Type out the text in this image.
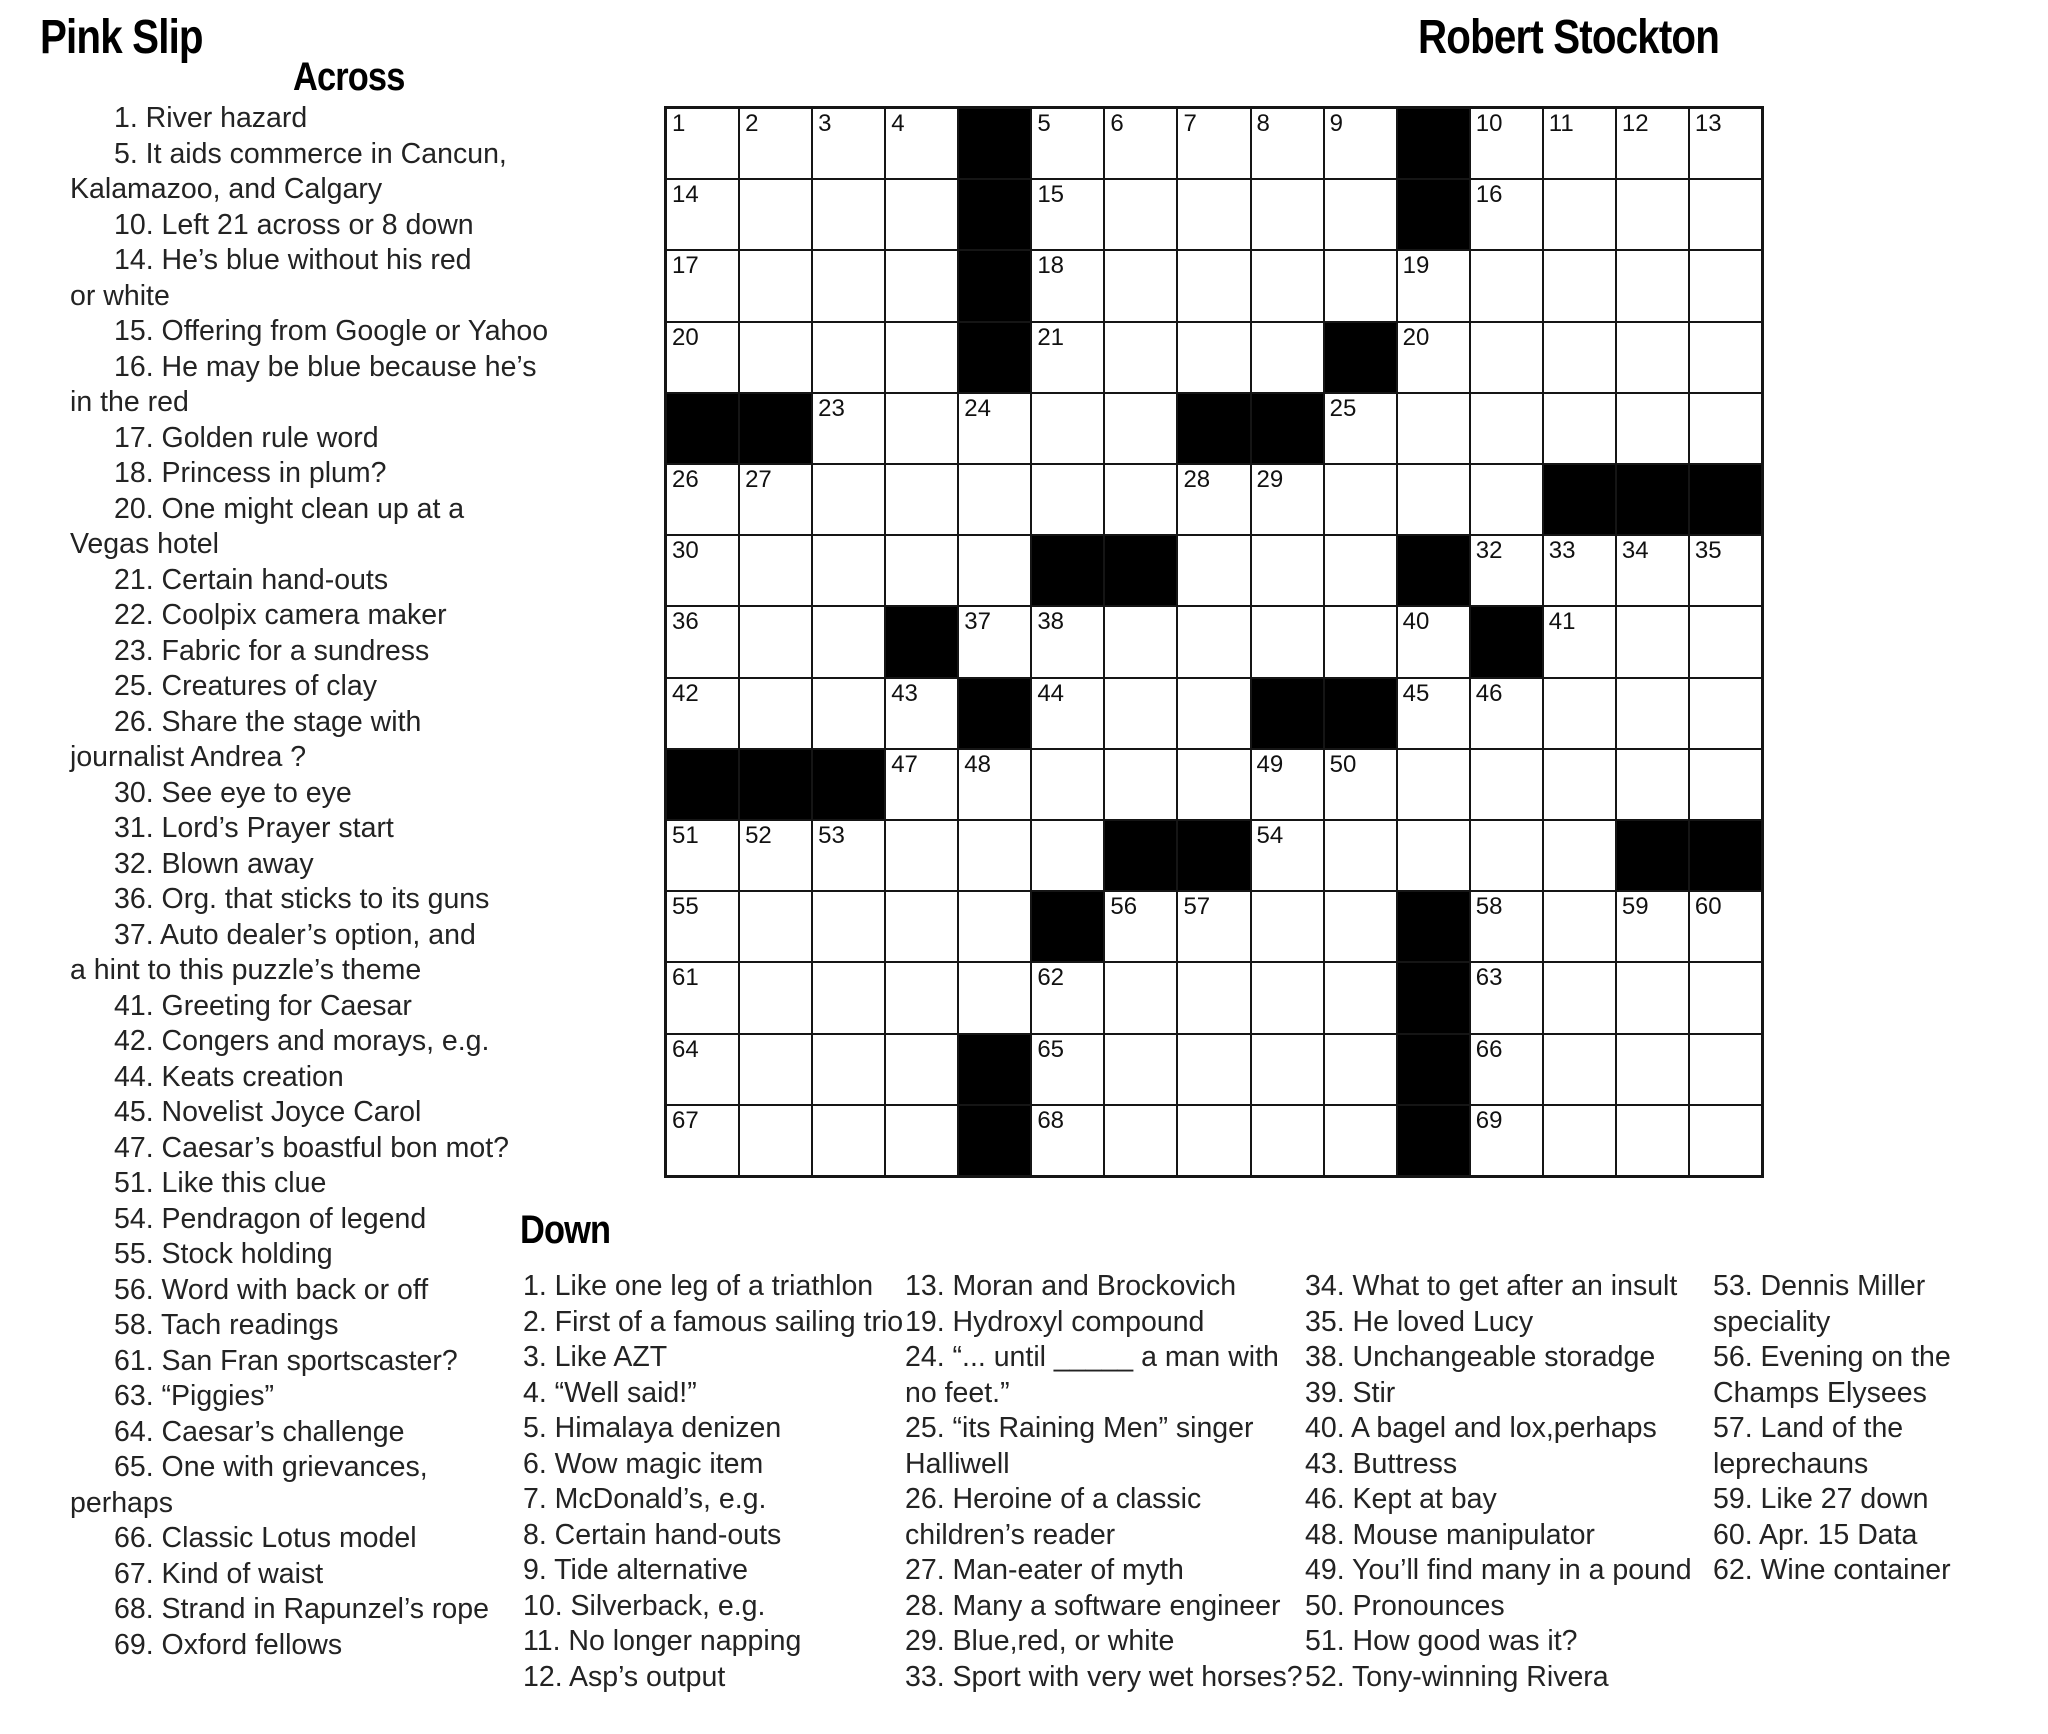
Pink Slip	Robert Stockton
Across
1. River hazard
5. It aids commerce in Cancun,
Kalamazoo, and Calgary
10. Left 21 across or 8 down
14. He’s blue without his red
or white
15. Offering from Google or Yahoo
16. He may be blue because he’s
in the red
17. Golden rule word
18. Princess in plum?
20. One might clean up at a
Vegas hotel
21. Certain hand-outs
22. Coolpix camera maker
23. Fabric for a sundress
25. Creatures of clay
26. Share the stage with
journalist Andrea ?
30. See eye to eye
31. Lord’s Prayer start
32. Blown away
36. Org. that sticks to its guns
37. Auto dealer’s option, and
a hint to this puzzle’s theme
41. Greeting for Caesar
42. Congers and morays, e.g.
44. Keats creation
45. Novelist Joyce Carol
47. Caesar’s boastful bon mot?
51. Like this clue
54. Pendragon of legend
55. Stock holding
56. Word with back or off
58. Tach readings
61. San Fran sportscaster?
63. “Piggies”
64. Caesar’s challenge
65. One with grievances,
perhaps
66. Classic Lotus model
67. Kind of waist
68. Strand in Rapunzel’s rope
69. Oxford fellows
1 2 3 4	5 6 7 8 9	10 11 12 13
14	15	16
17	18	19
20	21	20
23	24	25
26 27	28 29
30	32 33 34 35
36	37 38	40	41
42	43	44	45 46
47 48	49 50
51 52 53	54
55	56 57	58	59 60
61	62	63
64	65	66
67	68	69
Down
1. Like one leg of a triathlon
2. First of a famous sailing trio
3. Like AZT
4. “Well said!”
5. Himalaya denizen
6. Wow magic item
7. McDonald’s, e.g.
8. Certain hand-outs
9. Tide alternative
10. Silverback, e.g.
11. No longer napping
12. Asp’s output
13. Moran and Brockovich
19. Hydroxyl compound
24. “... until _____ a man with
no feet.”
25. “its Raining Men” singer
Halliwell
26. Heroine of a classic
children’s reader
27. Man-eater of myth
28. Many a software engineer
29. Blue,red, or white
33. Sport with very wet horses?
34. What to get after an insult
35. He loved Lucy
38. Unchangeable storadge
39. Stir
40. A bagel and lox,perhaps
43. Buttress
46. Kept at bay
48. Mouse manipulator
49. You’ll find many in a pound
50. Pronounces
51. How good was it?
52. Tony-winning Rivera
53. Dennis Miller
speciality
56. Evening on the
Champs Elysees
57. Land of the
leprechauns
59. Like 27 down
60. Apr. 15 Data
62. Wine container
